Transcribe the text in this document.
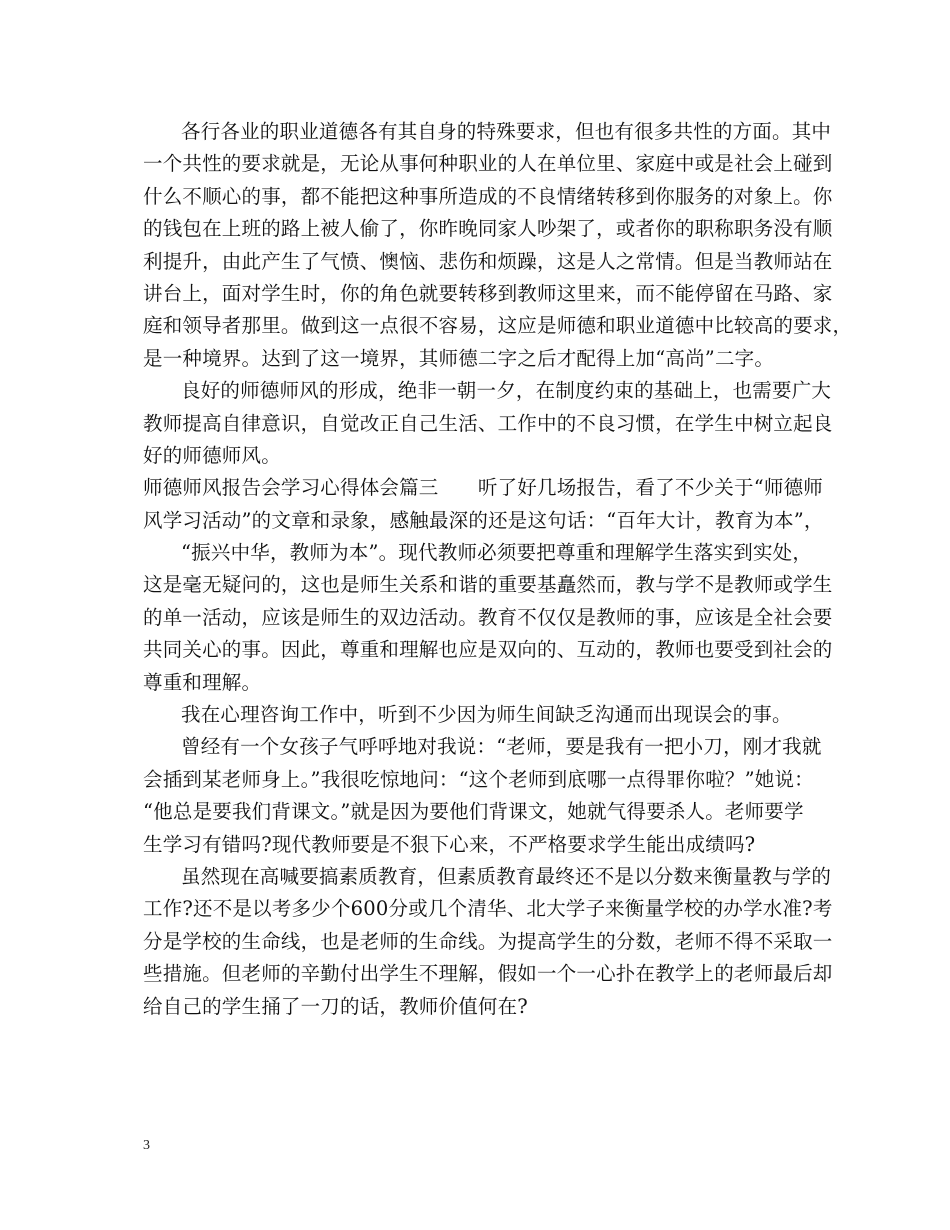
各行各业的职业道德各有其自身的特殊要求，但也有很多共性的方面。其中
一个共性的要求就是，无论从事何种职业的人在单位里、家庭中或是社会上碰到
什么不顺心的事，都不能把这种事所造成的不良情绪转移到你服务的对象上。你
的钱包在上班的路上被人偷了，你昨晚同家人吵架了，或者你的职称职务没有顺
利提升，由此产生了气愤、懊恼、悲伤和烦躁，这是人之常情。但是当教师站在
讲台上，面对学生时，你的角色就要转移到教师这里来，而不能停留在马路、家
庭和领导者那里。做到这一点很不容易，这应是师德和职业道德中比较高的要求，
是一种境界。达到了这一境界，其师德二字之后才配得上加“高尚”二字。
良好的师德师风的形成，绝非一朝一夕，在制度约束的基础上，也需要广大
教师提高自律意识，自觉改正自己生活、工作中的不良习惯，在学生中树立起良
好的师德师风。
师德师风报告会学习心得体会篇三　　听了好几场报告，看了不少关于“师德师
风学习活动”的文章和录象，感触最深的还是这句话：“百年大计，教育为本”，
“振兴中华，教师为本”。现代教师必须要把尊重和理解学生落实到实处，
这是毫无疑问的，这也是师生关系和谐的重要基矗然而，教与学不是教师或学生
的单一活动，应该是师生的双边活动。教育不仅仅是教师的事，应该是全社会要
共同关心的事。因此，尊重和理解也应是双向的、互动的，教师也要受到社会的
尊重和理解。
我在心理咨询工作中，听到不少因为师生间缺乏沟通而出现误会的事。
曾经有一个女孩子气呼呼地对我说：“老师，要是我有一把小刀，刚才我就
会插到某老师身上。”我很吃惊地问：“这个老师到底哪一点得罪你啦？”她说：
“他总是要我们背课文。”就是因为要他们背课文，她就气得要杀人。老师要学
生学习有错吗?现代教师要是不狠下心来，不严格要求学生能出成绩吗?
虽然现在高喊要搞素质教育，但素质教育最终还不是以分数来衡量教与学的
工作?还不是以考多少个600分或几个清华、北大学子来衡量学校的办学水准?考
分是学校的生命线，也是老师的生命线。为提高学生的分数，老师不得不采取一
些措施。但老师的辛勤付出学生不理解，假如一个一心扑在教学上的老师最后却
给自己的学生捅了一刀的话，教师价值何在?
3
